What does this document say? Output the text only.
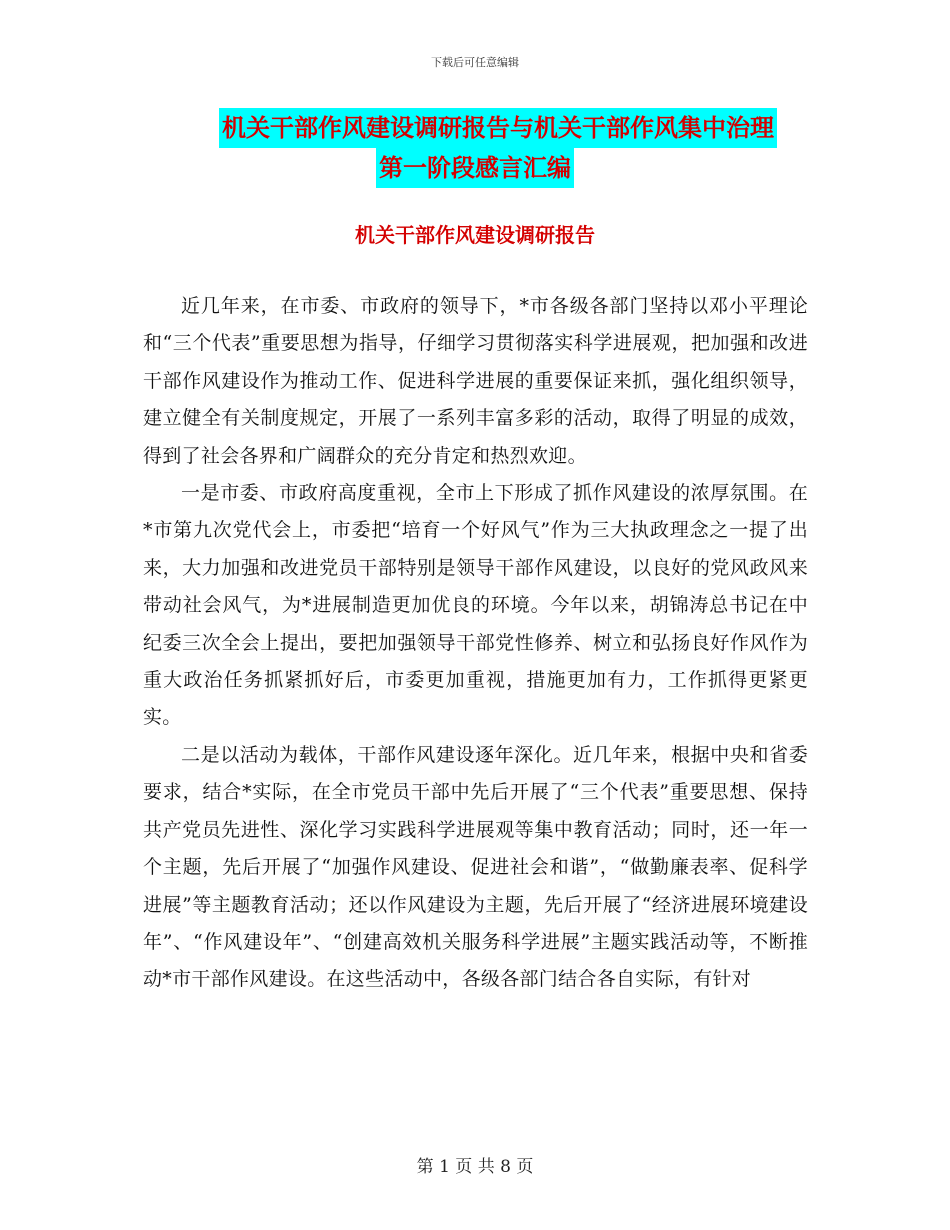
下载后可任意编辑
机关干部作风建设调研报告与机关干部作风集中治理
第一阶段感言汇编
机关干部作风建设调研报告

近几年来，在市委、市政府的领导下，*市各级各部门坚持以邓小平理论和“三个代表”重要思想为指导，仔细学习贯彻落实科学进展观，把加强和改进干部作风建设作为推动工作、促进科学进展的重要保证来抓，强化组织领导，建立健全有关制度规定，开展了一系列丰富多彩的活动，取得了明显的成效，得到了社会各界和广阔群众的充分肯定和热烈欢迎。

一是市委、市政府高度重视，全市上下形成了抓作风建设的浓厚氛围。在*市第九次党代会上，市委把“培育一个好风气”作为三大执政理念之一提了出来，大力加强和改进党员干部特别是领导干部作风建设，以良好的党风政风来带动社会风气，为*进展制造更加优良的环境。今年以来，胡锦涛总书记在中纪委三次全会上提出，要把加强领导干部党性修养、树立和弘扬良好作风作为重大政治任务抓紧抓好后，市委更加重视，措施更加有力，工作抓得更紧更实。

二是以活动为载体，干部作风建设逐年深化。近几年来，根据中央和省委要求，结合*实际，在全市党员干部中先后开展了“三个代表”重要思想、保持共产党员先进性、深化学习实践科学进展观等集中教育活动；同时，还一年一个主题，先后开展了“加强作风建设、促进社会和谐”，“做勤廉表率、促科学进展”等主题教育活动；还以作风建设为主题，先后开展了“经济进展环境建设年”、“作风建设年”、“创建高效机关服务科学进展”主题实践活动等，不断推动*市干部作风建设。在这些活动中，各级各部门结合各自实际，有针对

第 1 页 共 8 页
